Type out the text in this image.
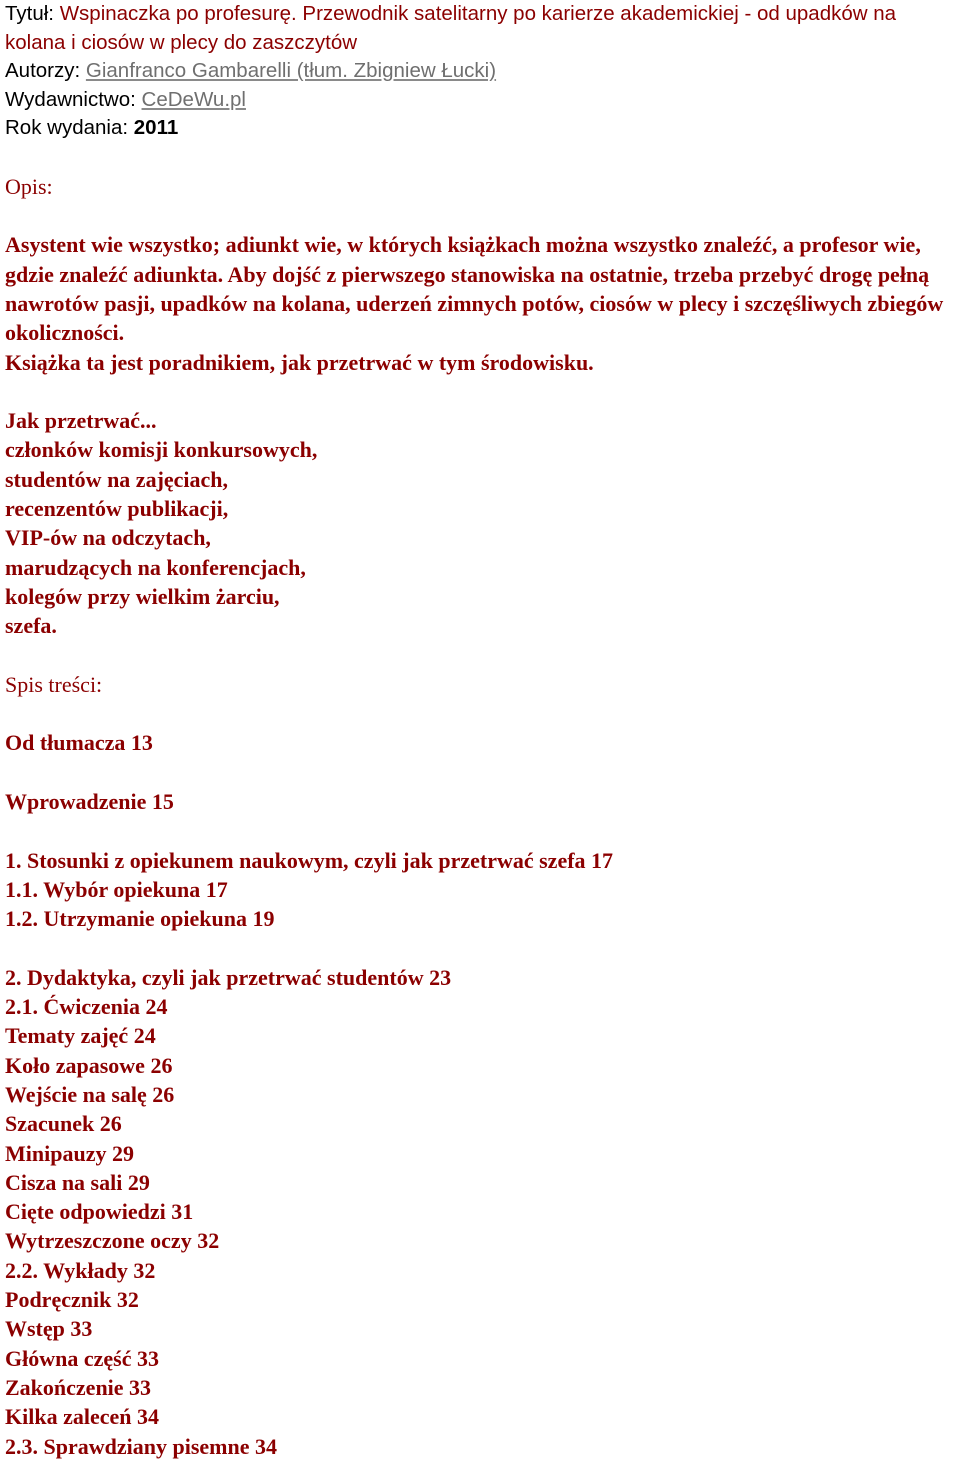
Tytuł: Wspinaczka po profesurę. Przewodnik satelitarny po karierze akademickiej - od upadków na kolana i ciosów w plecy do zaszczytów
Autorzy: Gianfranco Gambarelli (tłum. Zbigniew Łucki)
Wydawnictwo: CeDeWu.pl
Rok wydania: 2011
Opis:
Asystent wie wszystko; adiunkt wie, w których książkach można wszystko znaleźć, a profesor wie, gdzie znaleźć adiunkta. Aby dojść z pierwszego stanowiska na ostatnie, trzeba przebyć drogę pełną nawrotów pasji, upadków na kolana, uderzeń zimnych potów, ciosów w plecy i szczęśliwych zbiegów okoliczności.
Książka ta jest poradnikiem, jak przetrwać w tym środowisku.
Jak przetrwać...
członków komisji konkursowych,
studentów na zajęciach,
recenzentów publikacji,
VIP-ów na odczytach,
marudzących na konferencjach,
kolegów przy wielkim żarciu,
szefa.
Spis treści:
Od tłumacza 13
Wprowadzenie 15
1. Stosunki z opiekunem naukowym, czyli jak przetrwać szefa 17
1.1. Wybór opiekuna 17
1.2. Utrzymanie opiekuna 19
2. Dydaktyka, czyli jak przetrwać studentów 23
2.1. Ćwiczenia 24
Tematy zajęć 24
Koło zapasowe 26
Wejście na salę 26
Szacunek 26
Minipauzy 29
Cisza na sali 29
Cięte odpowiedzi 31
Wytrzeszczone oczy 32
2.2. Wykłady 32
Podręcznik 32
Wstęp 33
Główna część 33
Zakończenie 33
Kilka zaleceń 34
2.3. Sprawdziany pisemne 34
